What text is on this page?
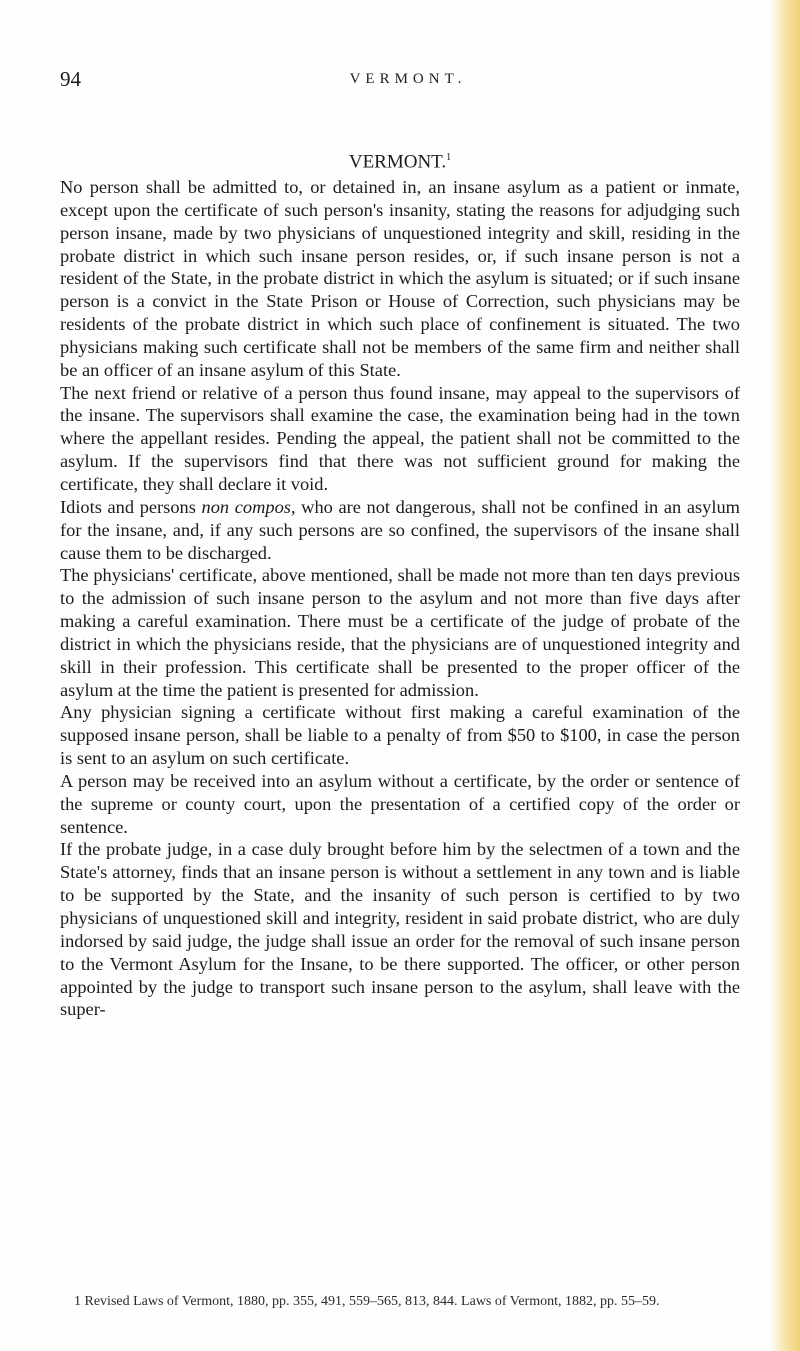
94	VERMONT.
VERMONT.$^1$

No person shall be admitted to, or detained in, an insane asylum as a patient or inmate, except upon the certificate of such person's insanity, stating the reasons for adjudging such person insane, made by two physicians of unquestioned integrity and skill, residing in the probate district in which such insane person resides, or, if such insane person is not a resident of the State, in the probate district in which the asylum is situated; or if such insane person is a convict in the State Prison or House of Correction, such physicians may be residents of the probate district in which such place of confinement is situated. The two physicians making such certificate shall not be members of the same firm and neither shall be an officer of an insane asylum of this State.

The next friend or relative of a person thus found insane, may appeal to the supervisors of the insane. The supervisors shall examine the case, the examination being had in the town where the appellant resides. Pending the appeal, the patient shall not be committed to the asylum. If the supervisors find that there was not sufficient ground for making the certificate, they shall declare it void.

Idiots and persons non compos, who are not dangerous, shall not be confined in an asylum for the insane, and, if any such persons are so confined, the supervisors of the insane shall cause them to be discharged.

The physicians' certificate, above mentioned, shall be made not more than ten days previous to the admission of such insane person to the asylum and not more than five days after making a careful examination. There must be a certificate of the judge of probate of the district in which the physicians reside, that the physicians are of unquestioned integrity and skill in their profession. This certificate shall be presented to the proper officer of the asylum at the time the patient is presented for admission.

Any physician signing a certificate without first making a careful examination of the supposed insane person, shall be liable to a penalty of from $50 to $100, in case the person is sent to an asylum on such certificate.

A person may be received into an asylum without a certificate, by the order or sentence of the supreme or county court, upon the presentation of a certified copy of the order or sentence.

If the probate judge, in a case duly brought before him by the selectmen of a town and the State's attorney, finds that an insane person is without a settlement in any town and is liable to be supported by the State, and the insanity of such person is certified to by two physicians of unquestioned skill and integrity, resident in said probate district, who are duly indorsed by said judge, the judge shall issue an order for the removal of such insane person to the Vermont Asylum for the Insane, to be there supported. The officer, or other person appointed by the judge to transport such insane person to the asylum, shall leave with the super-

1 Revised Laws of Vermont, 1880, pp. 355, 491, 559–565, 813, 844. Laws of Vermont, 1882, pp. 55–59.
